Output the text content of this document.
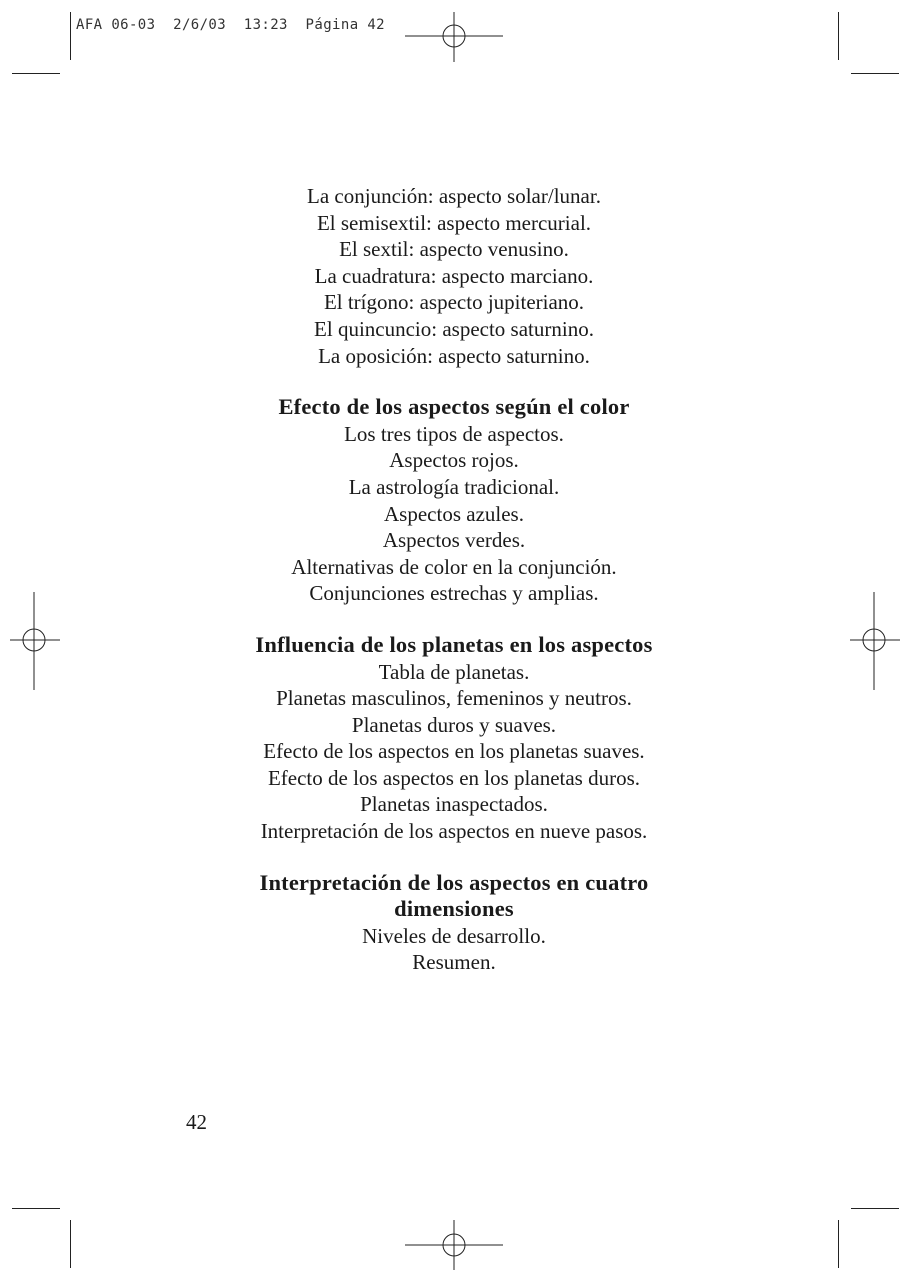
AFA 06-03  2/6/03  13:23  Página 42
La conjunción: aspecto solar/lunar.
El semisextil: aspecto mercurial.
El sextil: aspecto venusino.
La cuadratura: aspecto marciano.
El trígono: aspecto jupiteriano.
El quincuncio: aspecto saturnino.
La oposición: aspecto saturnino.
Efecto de los aspectos según el color
Los tres tipos de aspectos.
Aspectos rojos.
La astrología tradicional.
Aspectos azules.
Aspectos verdes.
Alternativas de color en la conjunción.
Conjunciones estrechas y amplias.
Influencia de los planetas en los aspectos
Tabla de planetas.
Planetas masculinos, femeninos y neutros.
Planetas duros y suaves.
Efecto de los aspectos en los planetas suaves.
Efecto de los aspectos en los planetas duros.
Planetas inaspectados.
Interpretación de los aspectos en nueve pasos.
Interpretación de los aspectos en cuatro dimensiones
Niveles de desarrollo.
Resumen.
42
